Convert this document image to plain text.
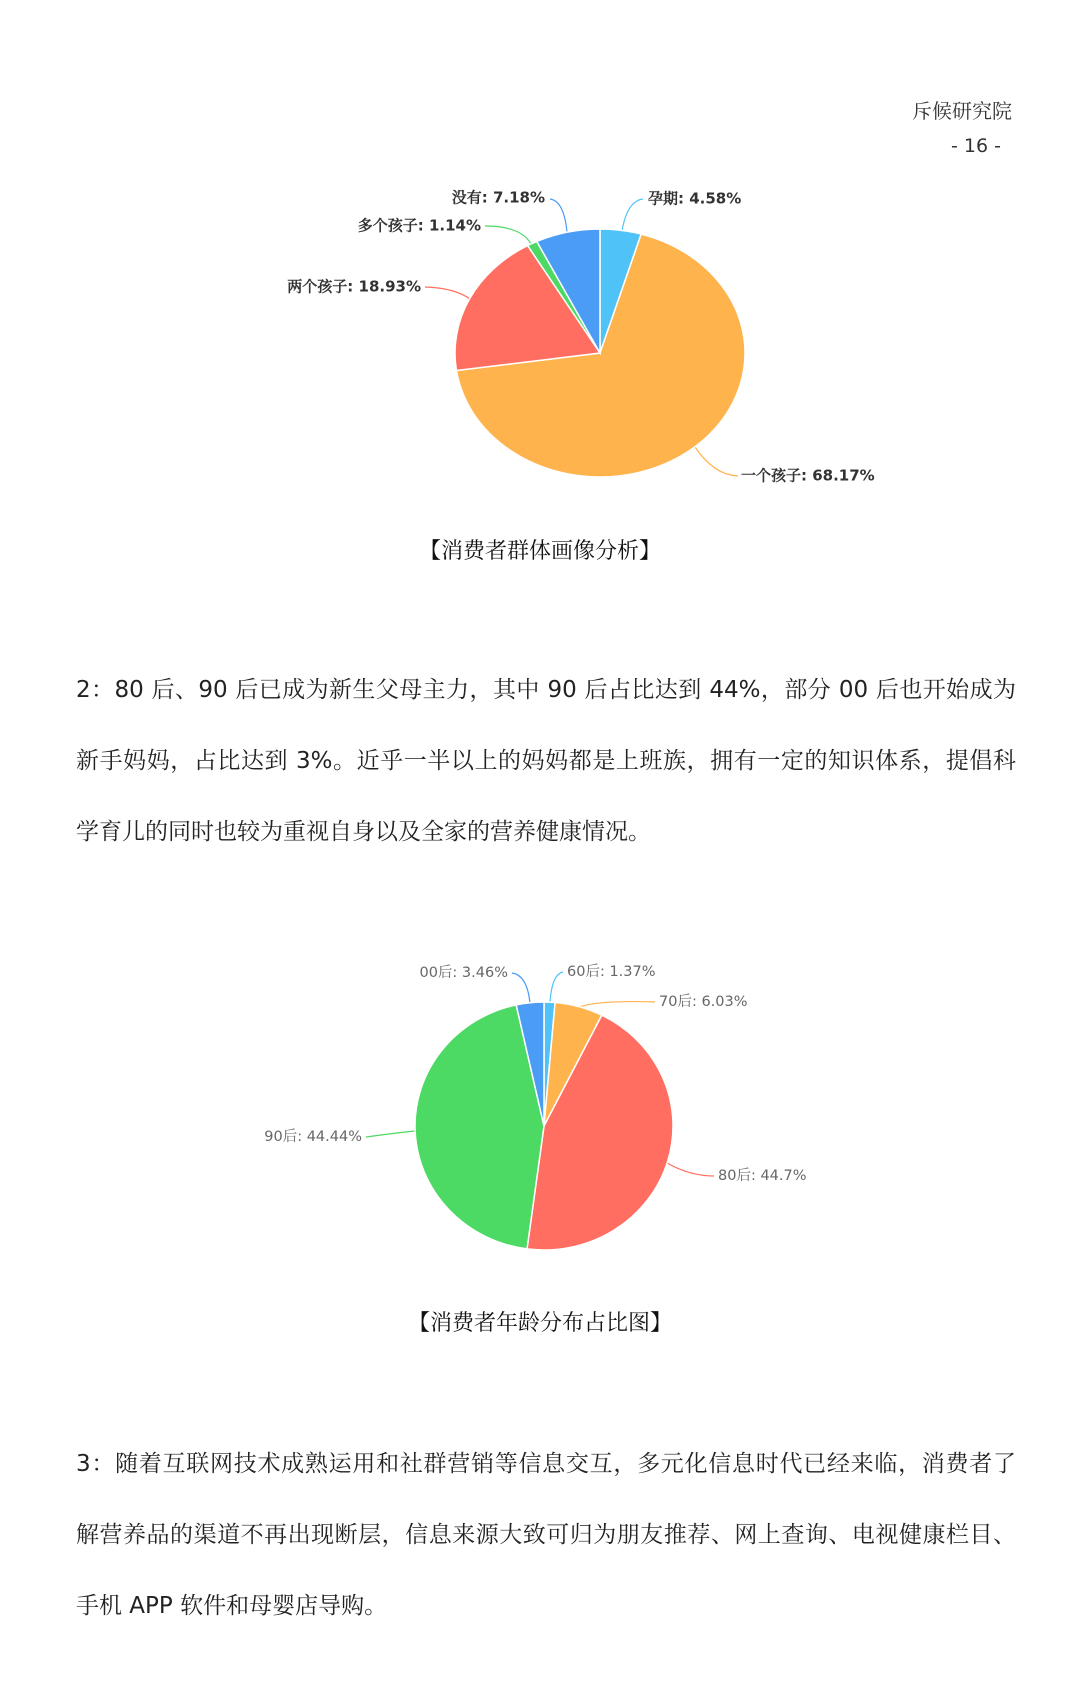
斥候研究院
- 16 -
孕期: 4.58%
一个孩子: 68.17%
两个孩子: 18.93%
多个孩子: 1.14%
没有: 7.18%
【消费者群体画像分析】
2：80 后、90 后已成为新生父母主力，其中 90 后占比达到 44%，部分 00 后也开始成为
新手妈妈，占比达到 3%。近乎一半以上的妈妈都是上班族，拥有一定的知识体系，提倡科
学育儿的同时也较为重视自身以及全家的营养健康情况。
60后: 1.37%
70后: 6.03%
80后: 44.7%
90后: 44.44%
00后: 3.46%
【消费者年龄分布占比图】
3：随着互联网技术成熟运用和社群营销等信息交互，多元化信息时代已经来临，消费者了
解营养品的渠道不再出现断层，信息来源大致可归为朋友推荐、网上查询、电视健康栏目、
手机 APP 软件和母婴店导购。
